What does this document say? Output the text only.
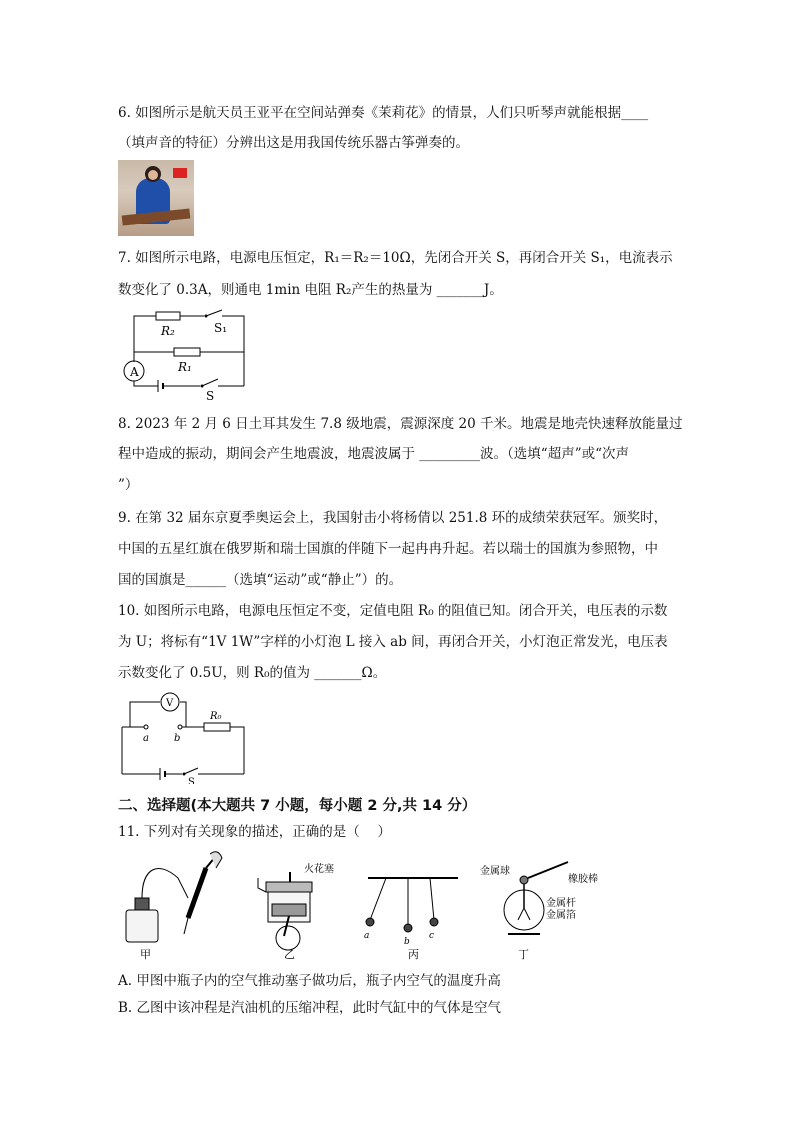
6. 如图所示是航天员王亚平在空间站弹奏《茉莉花》的情景，人们只听琴声就能根据____
（填声音的特征）分辨出这是用我国传统乐器古筝弹奏的。
7. 如图所示电路，电源电压恒定，R₁＝R₂＝10Ω，先闭合开关 S，再闭合开关 S₁，电流表示
数变化了 0.3A，则通电 1min 电阻 R₂产生的热量为 _______J。
R₂	S₁
R₁
A
S
8. 2023 年 2 月 6 日土耳其发生 7.8 级地震，震源深度 20 千米。地震是地壳快速释放能量过
程中造成的振动，期间会产生地震波，地震波属于 _________波。（选填“超声”或“次声
”）
9. 在第 32 届东京夏季奥运会上，我国射击小将杨倩以 251.8 环的成绩荣获冠军。颁奖时，
中国的五星红旗在俄罗斯和瑞士国旗的伴随下一起冉冉升起。若以瑞士的国旗为参照物，中
国的国旗是______（选填“运动”或“静止”）的。
10. 如图所示电路，电源电压恒定不变，定值电阻 R₀ 的阻值已知。闭合开关，电压表的示数
为 U；将标有“1V 1W”字样的小灯泡 L 接入 ab 间，再闭合开关，小灯泡正常发光，电压表
示数变化了 0.5U，则 R₀的值为 _______Ω。
V
a	b
R₀
S
二、选择题(本大题共 7 小题，每小题 2 分,共 14 分）
11. 下列对有关现象的描述，正确的是（　 ）
甲
火花塞
乙
a
b
c
丙
金属球
橡胶棒
金属杆
金属箔
丁
A. 甲图中瓶子内的空气推动塞子做功后，瓶子内空气的温度升高
B. 乙图中该冲程是汽油机的压缩冲程，此时气缸中的气体是空气
